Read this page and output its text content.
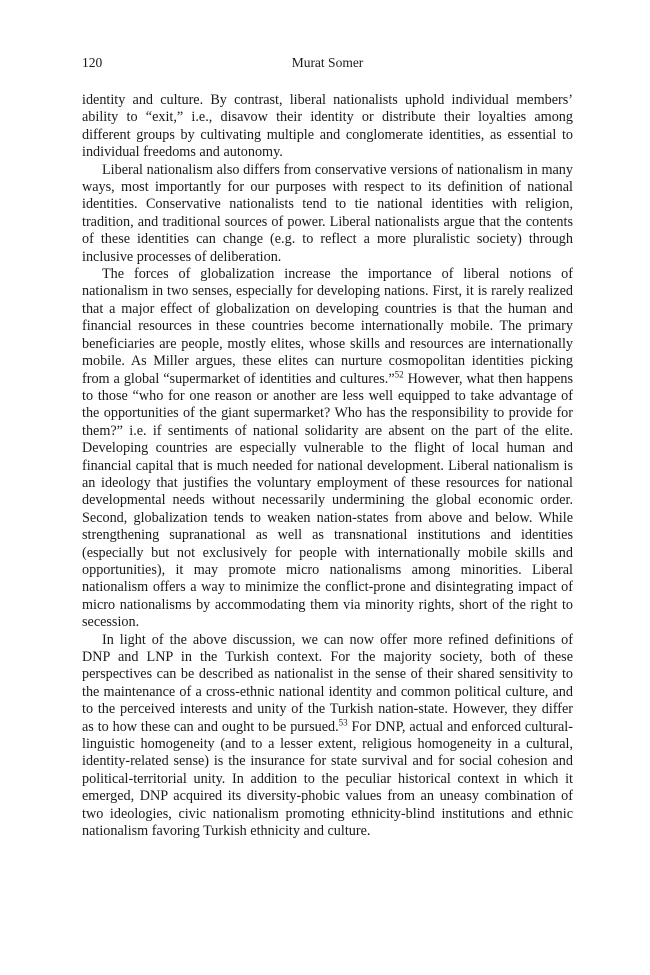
120	Murat Somer

identity and culture. By contrast, liberal nationalists uphold individual members’ ability to “exit,” i.e., disavow their identity or distribute their loyalties among different groups by cultivating multiple and conglomerate identities, as essential to individual freedoms and autonomy.

Liberal nationalism also differs from conservative versions of nationalism in many ways, most importantly for our purposes with respect to its definition of national identities. Conservative nationalists tend to tie national identities with religion, tradition, and traditional sources of power. Liberal nationalists argue that the contents of these identities can change (e.g. to reflect a more pluralistic society) through inclusive processes of deliberation.

The forces of globalization increase the importance of liberal notions of nationalism in two senses, especially for developing nations. First, it is rarely realized that a major effect of globalization on developing countries is that the human and financial resources in these countries become internationally mobile. The primary beneficiaries are people, mostly elites, whose skills and resources are internationally mobile. As Miller argues, these elites can nurture cosmopolitan identities picking from a global “supermarket of identities and cultures.”$^{52}$ However, what then happens to those “who for one reason or another are less well equipped to take advantage of the opportunities of the giant supermarket? Who has the responsibility to provide for them?” i.e. if sentiments of national solidarity are absent on the part of the elite. Developing countries are especially vulnerable to the flight of local human and financial capital that is much needed for national development. Liberal nationalism is an ideology that justifies the voluntary employment of these resources for national developmental needs without necessarily undermining the global economic order. Second, globalization tends to weaken nation-states from above and below. While strengthening supranational as well as transnational institutions and identities (especially but not exclusively for people with internationally mobile skills and opportunities), it may promote micro nationalisms among minorities. Liberal nationalism offers a way to minimize the conflict-prone and disintegrating impact of micro nationalisms by accommodating them via minority rights, short of the right to secession.

In light of the above discussion, we can now offer more refined definitions of DNP and LNP in the Turkish context. For the majority society, both of these perspectives can be described as nationalist in the sense of their shared sensitivity to the maintenance of a cross-ethnic national identity and common political culture, and to the perceived interests and unity of the Turkish nation-state. However, they differ as to how these can and ought to be pursued.$^{53}$ For DNP, actual and enforced cultural-linguistic homogeneity (and to a lesser extent, religious homogeneity in a cultural, identity-related sense) is the insurance for state survival and for social cohesion and political-territorial unity. In addition to the peculiar historical context in which it emerged, DNP acquired its diversity-phobic values from an uneasy combination of two ideologies, civic nationalism promoting ethnicity-blind institutions and ethnic nationalism favoring Turkish ethnicity and culture.
